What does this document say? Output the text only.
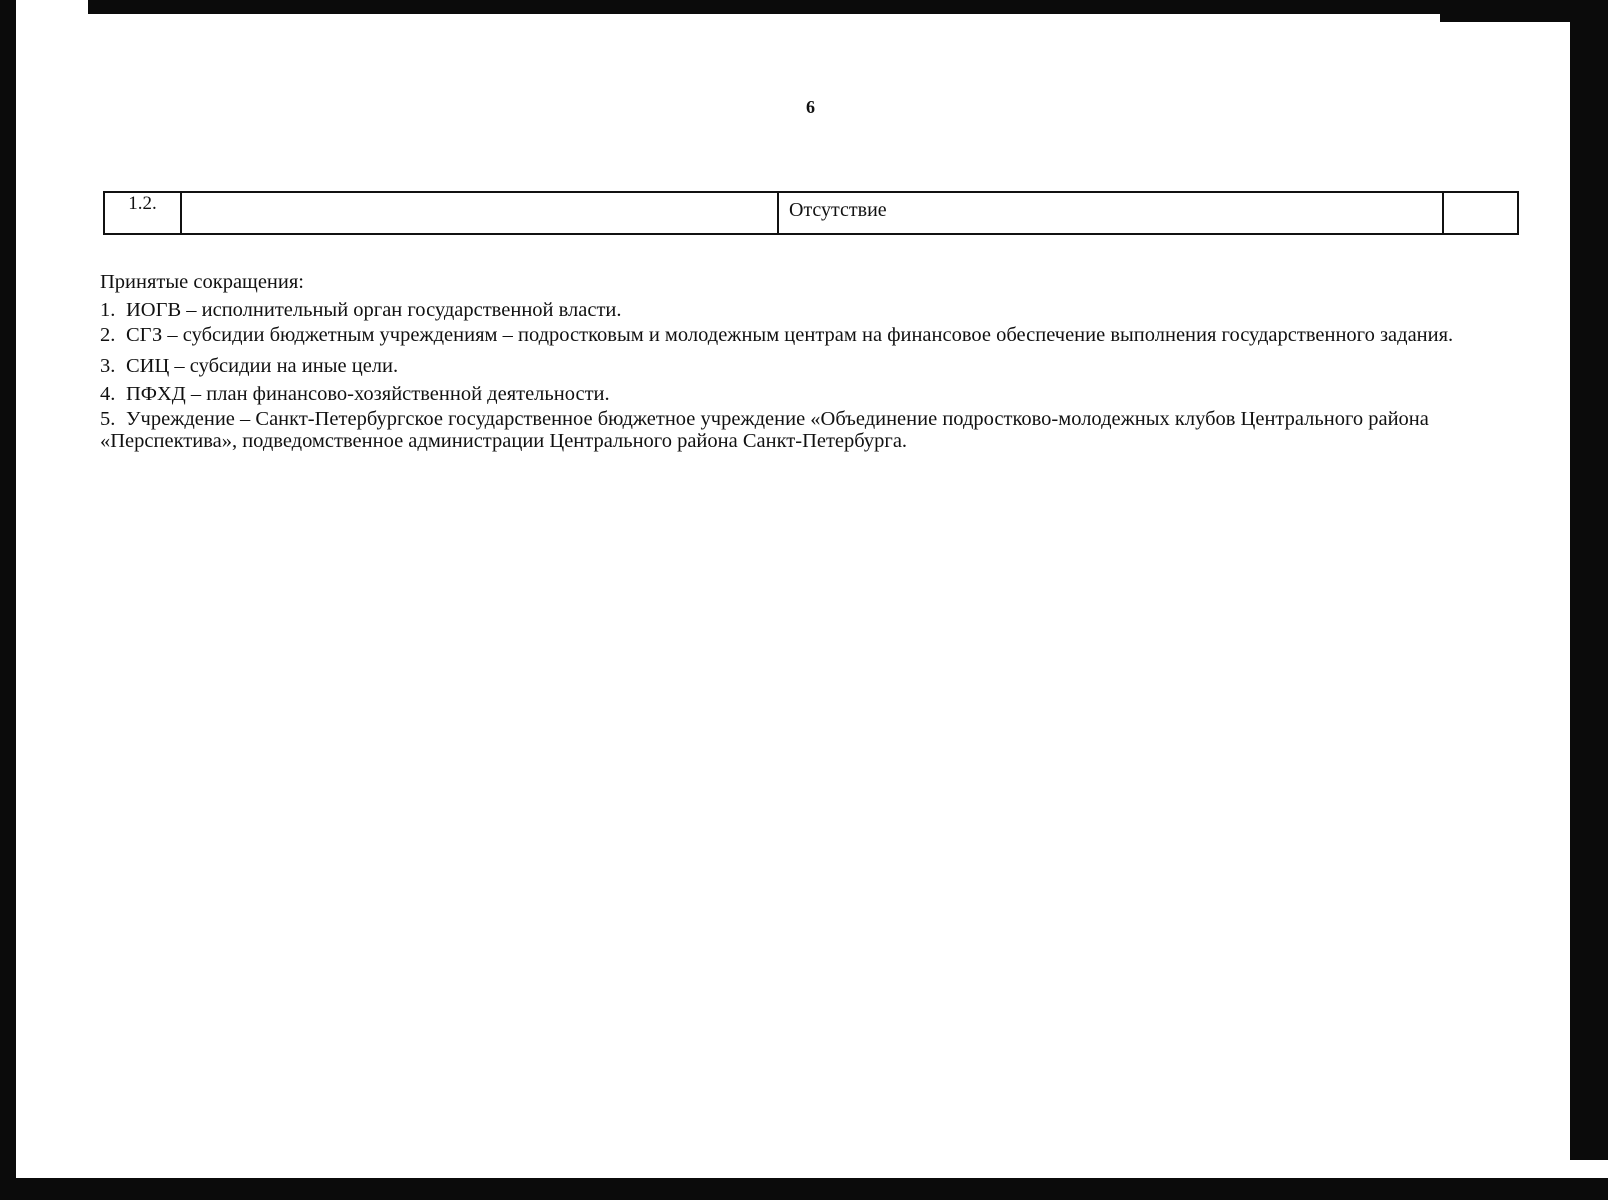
6
1.2.	Отсутствие

Принятые сокращения:

1. ИОГВ – исполнительный орган государственной власти.

2. СГЗ – субсидии бюджетным учреждениям – подростковым и молодежным центрам на финансовое обеспечение выполнения государственного задания.

3. СИЦ – субсидии на иные цели.

4. ПФХД – план финансово-хозяйственной деятельности.

5. Учреждение – Санкт-Петербургское государственное бюджетное учреждение «Объединение подростково-молодежных клубов Центрального района «Перспектива», подведомственное администрации Центрального района Санкт-Петербурга.
